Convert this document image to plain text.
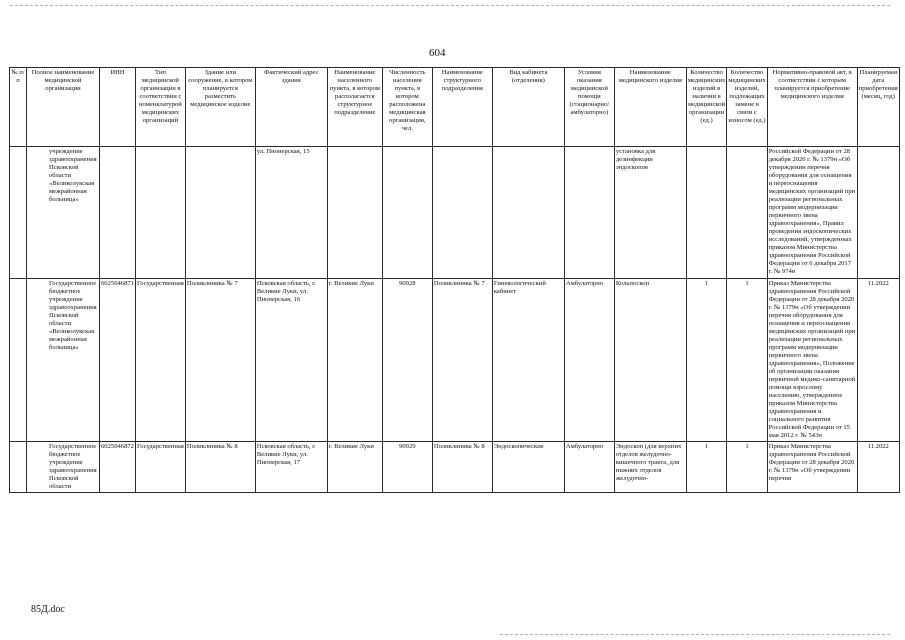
604
№ п/п	Полное наименование медицинской организации	ИНН	Тип медицинской организации в соответствии с номенклатурой медицинских организаций	Здание или сооружение, в котором планируется разместить медицинское изделие	Фактический адрес здания	Наименование населенного пункта, в котором располагается структурное подразделение	Численность населения пункта, в котором расположена медицинская организация, чел.	Наименование структурного подразделения	Вид кабинета (отделения)	Условия оказания медицинской помощи (стационарно/ амбулаторно)	Наименование медицинского изделия	Количество медицинских изделий в наличии в медицинской организации (ед.)	Количество медицинских изделий, подлежащих замене в связи с износом (ед.)	Нормативно-правовой акт, в соответствии с которым планируется приобретение медицинского изделия	Планируемая дата приобретения (месяц, год)
	учреждение здравоохранения Псковской области «Великолукская межрайонная больница»				ул. Пионерская, 15						установка для дезинфекции эндоскопов			Российской Федерации от 28 декабря 2020 г. № 1379н «Об утверждении перечня оборудования для оснащения и переоснащения медицинских организаций при реализации региональных программ модернизации первичного звена здравоохранения», Правил проведения эндоскопических исследований, утвержденных приказом Министерства здравоохранения Российской Федерации от 6 декабря 2017 г. № 974н	
	Государственное бюджетное учреждение здравоохранения Псковской области «Великолукская межрайонная больница»	6025046871	Государственная	Поликлиника № 7	Псковская область, г. Великие Луки, ул. Пионерская, 16	г. Великие Луки	90928	Поликлиника № 7	Гинекологический кабинет	Амбулаторно	Кольпоскоп	1	1	Приказ Министерства здравоохранения Российской Федерации от 28 декабря 2020 г. № 1379н «Об утверждении перечня оборудования для оснащения и переоснащения медицинских организаций при реализации региональных программ модернизации первичного звена здравоохранения», Положение об организации оказания первичной медико-санитарной помощи взрослому населению, утвержденное приказом Министерства здравоохранения и социального развития Российской Федерации от 15 мая 2012 г. № 543н	11.2022
	Государственное бюджетное учреждение здравоохранения Псковской области	6025046872	Государственная	Поликлиника № 8	Псковская область, г. Великие Луки, ул. Пионерская, 17	г. Великие Луки	90929	Поликлиника № 8	Эндоскопические	Амбулаторно	Эндоскоп (для верхних отделов желудочно-кишечного тракта, для нижних отделов желудочно-	1	1	Приказ Министерства здравоохранения Российской Федерации от 28 декабря 2020 г. № 1379н «Об утверждении перечня	11.2022
85Д.doc
